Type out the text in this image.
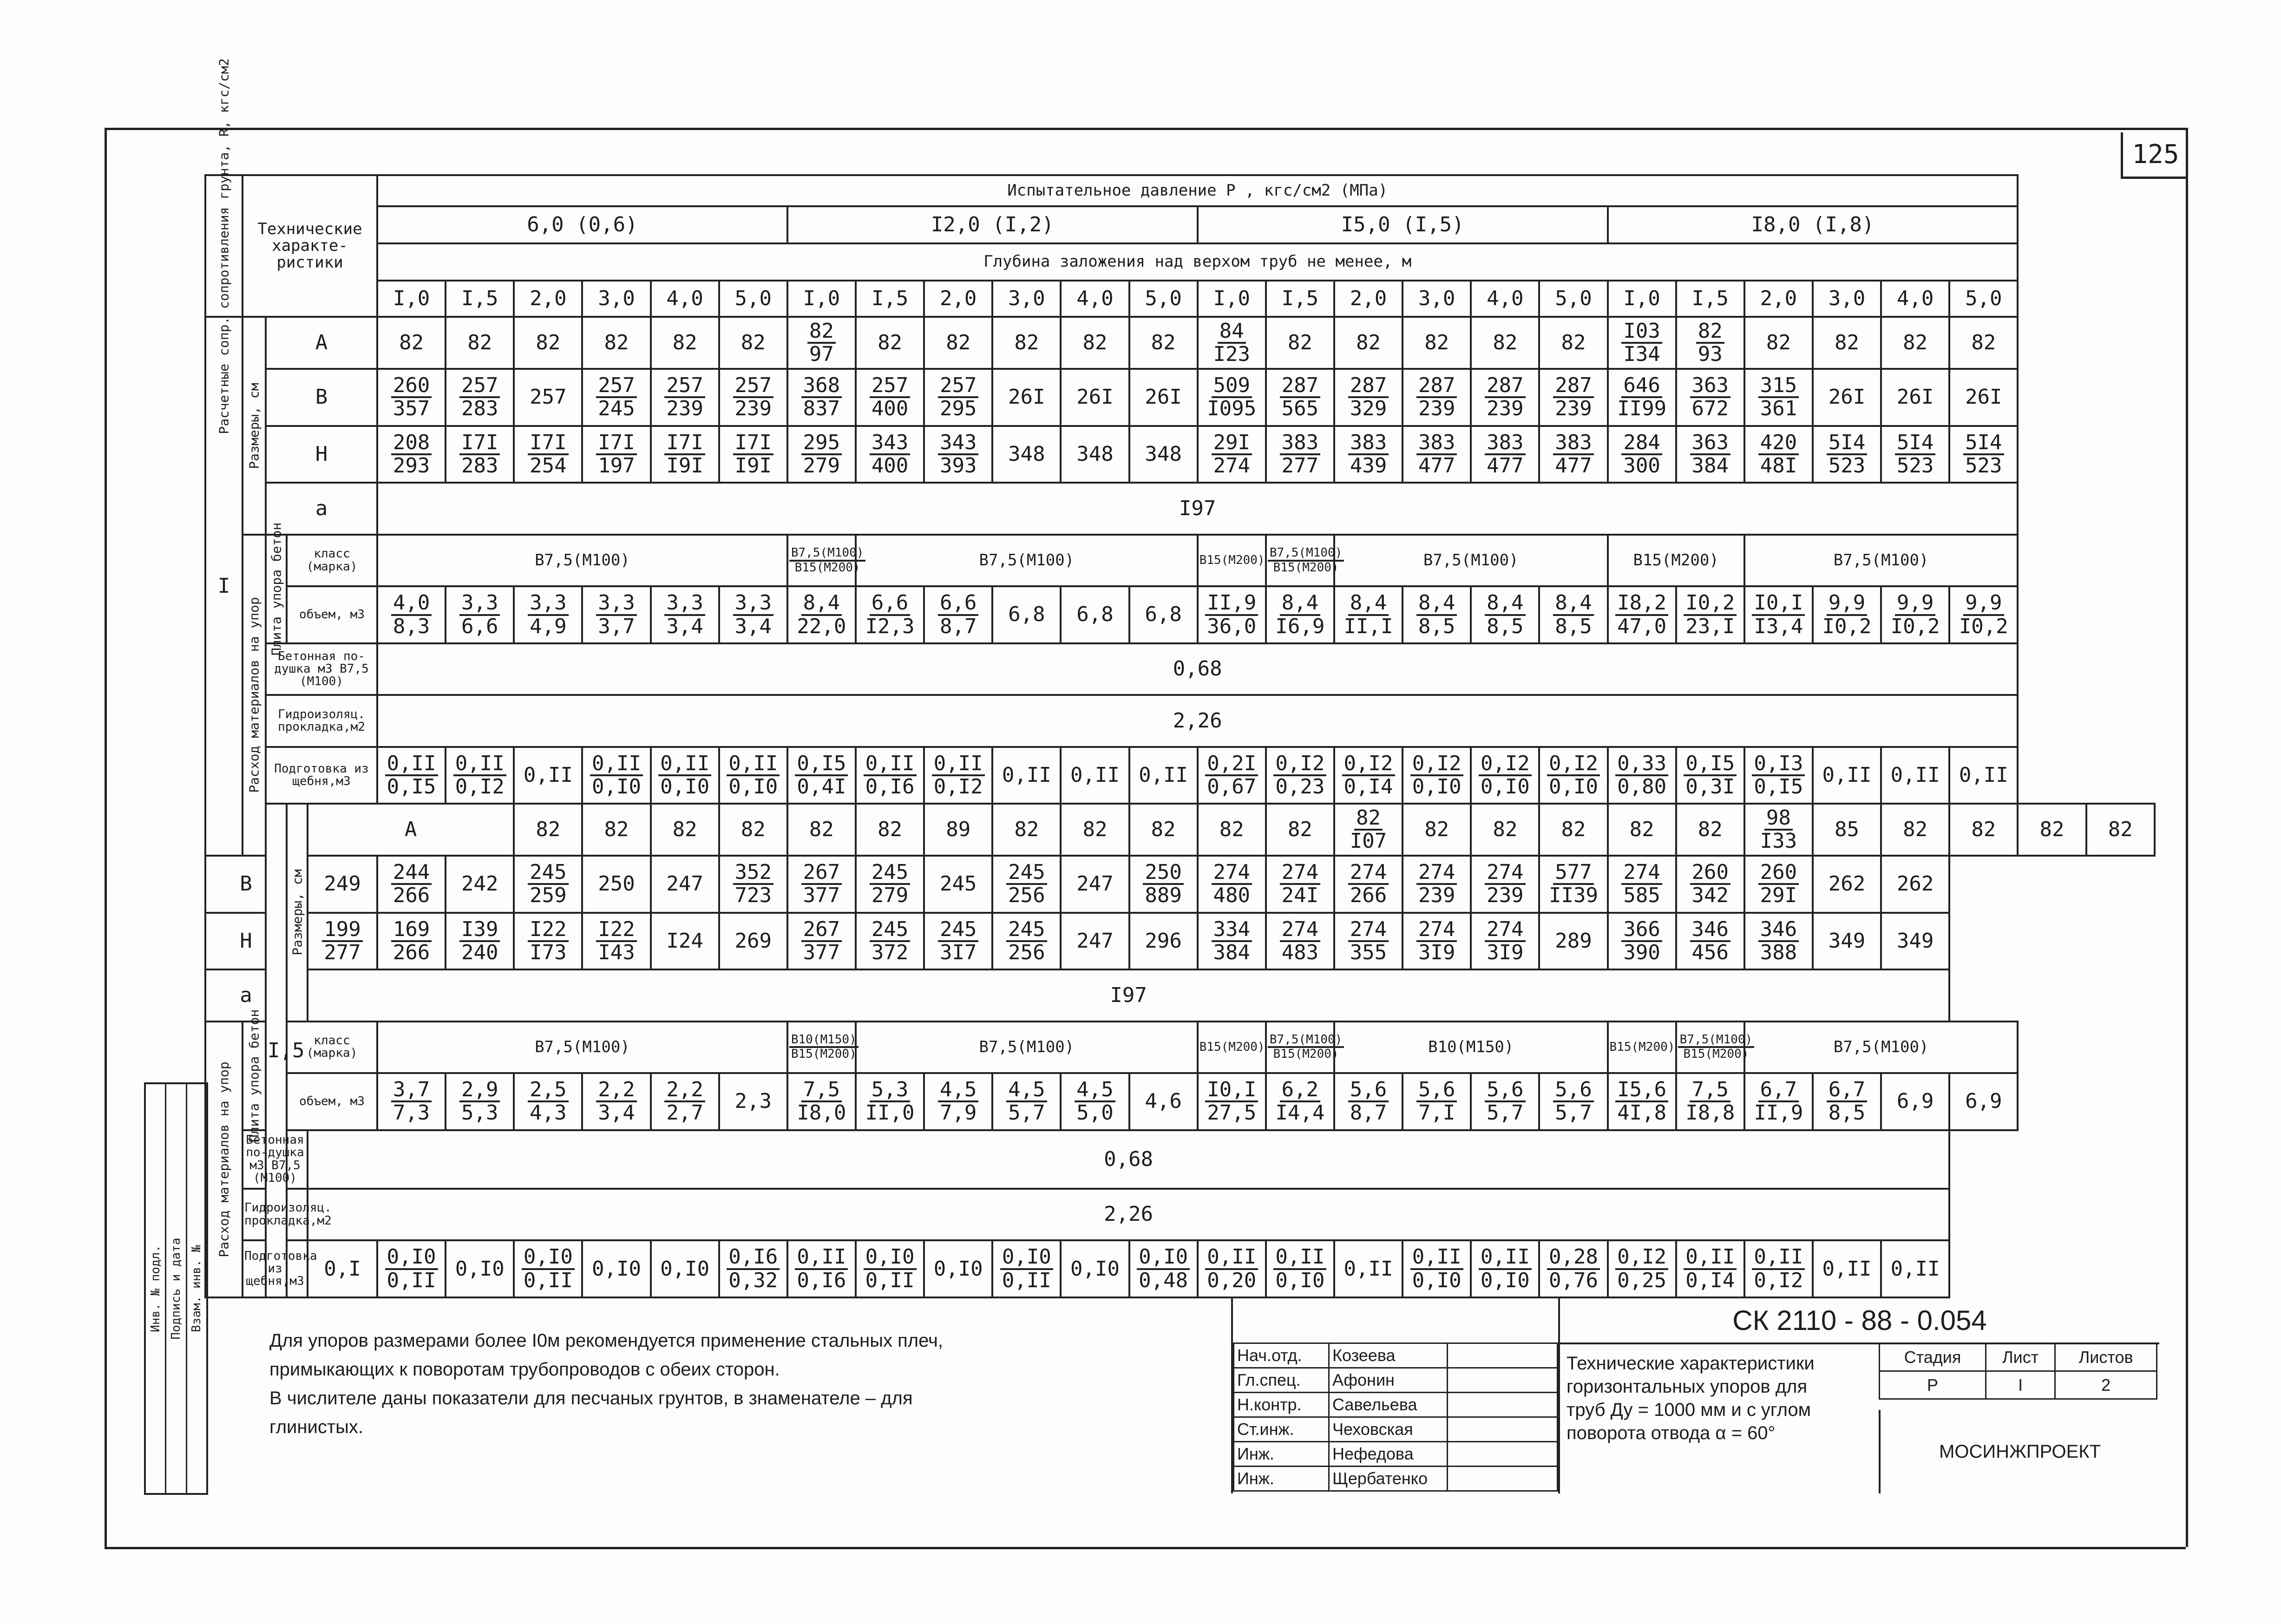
125
Инв. № подл. Подпись и дата Взам. инв. №
Расчетные сопр. сопротивления грунта, R, кгс/см2	Технические характе-ристики				Испытательное давление P , кгс/см2 (МПа)																									
					6,0 (0,6)						I2,0 (I,2)						I5,0 (I,5)						I8,0 (I,8)							
					Глубина заложения над верхом труб не менее, м																									
					I,0	I,5	2,0	3,0	4,0	5,0	I,0	I,5	2,0	3,0	4,0	5,0	I,0	I,5	2,0	3,0	4,0	5,0	I,0	I,5	2,0	3,0	4,0	5,0		
I	Размеры, см	A			82	82	82	82	82	82	$\frac{82}{97}$	82	82	82	82	82	$\frac{84}{I23}$	82	82	82	82	82	$\frac{I03}{I34}$	$\frac{82}{93}$	82	82	82	82		
		B			$\frac{260}{357}$	$\frac{257}{283}$	257	$\frac{257}{245}$	$\frac{257}{239}$	$\frac{257}{239}$	$\frac{368}{837}$	$\frac{257}{400}$	$\frac{257}{295}$	26I	26I	26I	$\frac{509}{I095}$	$\frac{287}{565}$	$\frac{287}{329}$	$\frac{287}{239}$	$\frac{287}{239}$	$\frac{287}{239}$	$\frac{646}{II99}$	$\frac{363}{672}$	$\frac{315}{361}$	26I	26I	26I		
		H			$\frac{208}{293}$	$\frac{I7I}{283}$	$\frac{I7I}{254}$	$\frac{I7I}{197}$	$\frac{I7I}{I9I}$	$\frac{I7I}{I9I}$	$\frac{295}{279}$	$\frac{343}{400}$	$\frac{343}{393}$	348	348	348	$\frac{29I}{274}$	$\frac{383}{277}$	$\frac{383}{439}$	$\frac{383}{477}$	$\frac{383}{477}$	$\frac{383}{477}$	$\frac{284}{300}$	$\frac{363}{384}$	$\frac{420}{48I}$	$\frac{5I4}{523}$	$\frac{5I4}{523}$	$\frac{5I4}{523}$

		a			I97																									

	Расход материалов на упор	Плита упора бетон	класс (марка)		B7,5(M100)						$\frac{B7,5(M100)}{B15(M200)}$	B7,5(M100)					B15(M200)	$\frac{B7,5(M100)}{B15(M200)}$	B7,5(M100)				B15(M200)		B7,5(M100)					
			объем, м3		$\frac{4,0}{8,3}$	$\frac{3,3}{6,6}$	$\frac{3,3}{4,9}$	$\frac{3,3}{3,7}$	$\frac{3,3}{3,4}$	$\frac{3,3}{3,4}$	$\frac{8,4}{22,0}$	$\frac{6,6}{I2,3}$	$\frac{6,6}{8,7}$	6,8	6,8	6,8	$\frac{II,9}{36,0}$	$\frac{8,4}{I6,9}$	$\frac{8,4}{II,I}$	$\frac{8,4}{8,5}$	$\frac{8,4}{8,5}$	$\frac{8,4}{8,5}$	$\frac{I8,2}{47,0}$	$\frac{I0,2}{23,I}$	$\frac{I0,I}{I3,4}$	$\frac{9,9}{I0,2}$	$\frac{9,9}{I0,2}$	$\frac{9,9}{I0,2}$

		Бетонная по-душка м3 В7,5 (М100)			0,68																									
		Гидроизоляц. прокладка,м2			2,26																									
		Подготовка из щебня,м3			$\frac{0,II}{0,I5}$	$\frac{0,II}{0,I2}$	0,II	$\frac{0,II}{0,I0}$	$\frac{0,II}{0,I0}$	$\frac{0,II}{0,I0}$	$\frac{0,I5}{0,4I}$	$\frac{0,II}{0,I6}$	$\frac{0,II}{0,I2}$	0,II	0,II	0,II	$\frac{0,2I}{0,67}$	$\frac{0,I2}{0,23}$	$\frac{0,I2}{0,I4}$	$\frac{0,I2}{0,I0}$	$\frac{0,I2}{0,I0}$	$\frac{0,I2}{0,I0}$	$\frac{0,33}{0,80}$	$\frac{0,I5}{0,3I}$	$\frac{0,I3}{0,I5}$	0,II	0,II	0,II		
		I,5	Размеры, см	A			82	82	82	82	82	82	89	82	82	82	82	82	$\frac{82}{I07}$	82	82	82	82	82	$\frac{98}{I33}$	85	82	82	82	82
B				249	$\frac{244}{266}$	242	$\frac{245}{259}$	250	247	$\frac{352}{723}$	$\frac{267}{377}$	$\frac{245}{279}$	245	$\frac{245}{256}$	247	$\frac{250}{889}$	$\frac{274}{480}$	$\frac{274}{24I}$	$\frac{274}{266}$	$\frac{274}{239}$	$\frac{274}{239}$	$\frac{577}{II39}$	$\frac{274}{585}$	$\frac{260}{342}$	$\frac{260}{29I}$	262	262			
H				$\frac{199}{277}$	$\frac{169}{266}$	$\frac{I39}{240}$	$\frac{I22}{I73}$	$\frac{I22}{I43}$	I24	269	$\frac{267}{377}$	$\frac{245}{372}$	$\frac{245}{3I7}$	$\frac{245}{256}$	247	296	$\frac{334}{384}$	$\frac{274}{483}$	$\frac{274}{355}$	$\frac{274}{3I9}$	$\frac{274}{3I9}$	289	$\frac{366}{390}$	$\frac{346}{456}$	$\frac{346}{388}$	349	349			
a				I97																										

Расход материалов на упор	Плита упора бетон		класс (марка)		B7,5(M100)						$\frac{B10(M150)}{B15(M200)}$	B7,5(M100)					B15(M200)	$\frac{B7,5(M100)}{B15(M200)}$	B10(M150)				B15(M200)	$\frac{B7,5(M100)}{B15(M200)}$	B7,5(M100)					
			объем, м3		$\frac{3,7}{7,3}$	$\frac{2,9}{5,3}$	$\frac{2,5}{4,3}$	$\frac{2,2}{3,4}$	$\frac{2,2}{2,7}$	2,3	$\frac{7,5}{I8,0}$	$\frac{5,3}{II,0}$	$\frac{4,5}{7,9}$	$\frac{4,5}{5,7}$	$\frac{4,5}{5,0}$	4,6	$\frac{I0,I}{27,5}$	$\frac{6,2}{I4,4}$	$\frac{5,6}{8,7}$	$\frac{5,6}{7,I}$	$\frac{5,6}{5,7}$	$\frac{5,6}{5,7}$	$\frac{I5,6}{4I,8}$	$\frac{7,5}{I8,8}$	$\frac{6,7}{II,9}$	$\frac{6,7}{8,5}$	6,9	6,9		
	Бетонная по-душка м3 В7,5 (М100)			0,68																										
	Гидроизоляц. прокладка,м2			2,26																										
	Подготовка из щебня,м3			0,I	$\frac{0,I0}{0,II}$	0,I0	$\frac{0,I0}{0,II}$	0,I0	0,I0	$\frac{0,I6}{0,32}$	$\frac{0,II}{0,I6}$	$\frac{0,I0}{0,II}$	0,I0	$\frac{0,I0}{0,II}$	0,I0	$\frac{0,I0}{0,48}$	$\frac{0,II}{0,20}$	$\frac{0,II}{0,I0}$	0,II	$\frac{0,II}{0,I0}$	$\frac{0,II}{0,I0}$	$\frac{0,28}{0,76}$	$\frac{0,I2}{0,25}$	$\frac{0,II}{0,I4}$	$\frac{0,II}{0,I2}$	0,II	0,II			
Для упоров размерами более I0м рекомендуется применение стальных плеч,
примыкающих к поворотам трубопроводов с обеих сторон.
В числителе даны показатели для песчаных грунтов, в знаменателе – для
глинистых.
Нач.отд.	Козеева	
Гл.спец.	Афонин	
Н.контр.	Савельева	
Ст.инж.	Чеховская	
Инж.	Нефедова	
Инж.	Щербатенко	
СК 2110 - 88 - 0.054
Технические характеристики
горизонтальных упоров для
труб Ду = 1000 мм и с углом
поворота отвода α = 60°
Стадия	Лист	Листов
Р	I	2
МОСИНЖПРОЕКТ
